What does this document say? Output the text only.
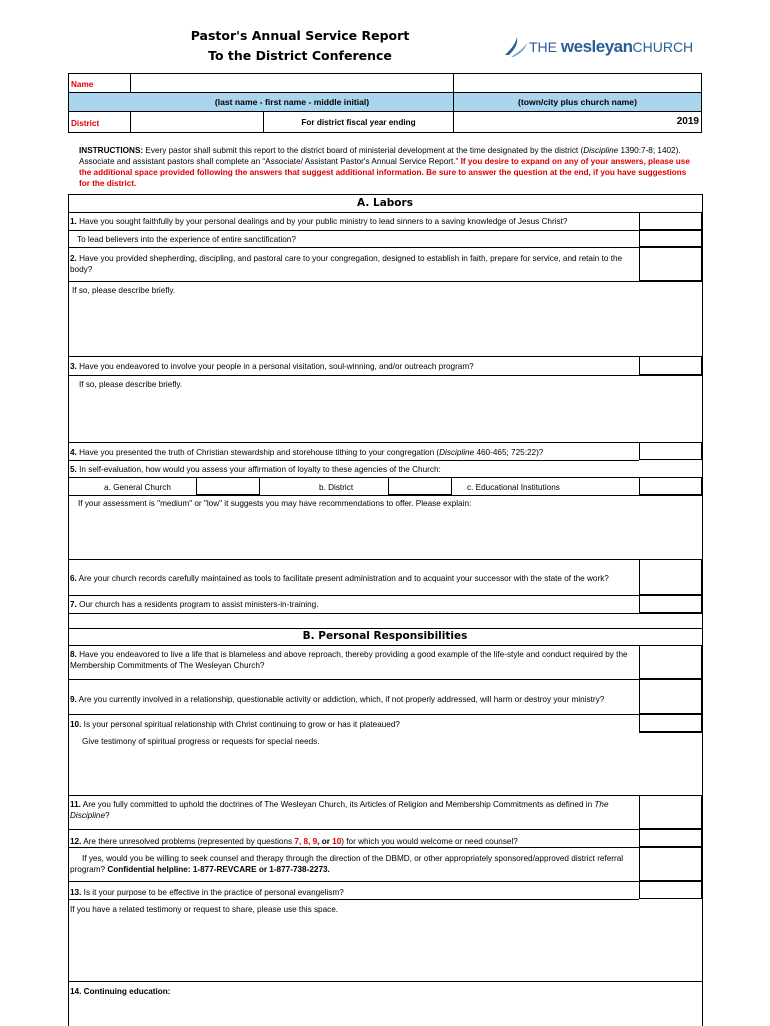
Pastor's Annual Service Report
To the District Conference
THE wesleyanCHURCH
Name
(last name - first name - middle initial)	(town/city plus church name)
District	For district fiscal year ending	2019
INSTRUCTIONS: Every pastor shall submit this report to the district board of ministerial development at the time designated by the district (Discipline 1390:7-8; 1402). Associate and assistant pastors shall complete an “Associate/ Assistant Pastor's Annual Service Report.” If you desire to expand on any of your answers, please use the additional space provided following the answers that suggest additional information. Be sure to answer the question at the end, if you have suggestions for the district.
A. Labors
1. Have you sought faithfully by your personal dealings and by your public ministry to lead sinners to a saving knowledge of Jesus Christ?
To lead believers into the experience of entire sanctification?
2. Have you provided shepherding, discipling, and pastoral care to your congregation, designed to establish in faith, prepare for service, and retain to the body?
If so, please describe briefly.
3. Have you endeavored to involve your people in a personal visitation, soul-winning, and/or outreach program?
If so, please describe briefly.
4. Have you presented the truth of Christian stewardship and storehouse tithing to your congregation (Discipline 460-465; 725:22)?
5. In self-evaluation, how would you assess your affirmation of loyalty to these agencies of the Church:
a. General Church	b. District	c. Educational Institutions
If your assessment is "medium" or "low" it suggests you may have recommendations to offer. Please explain:
6. Are your church records carefully maintained as tools to facilitate present administration and to acquaint your successor with the state of the work?
7. Our church has a residents program to assist ministers-in-training.
B. Personal Responsibilities
8. Have you endeavored to live a life that is blameless and above reproach, thereby providing a good example of the life-style and conduct required by the Membership Commitments of The Wesleyan Church?
9. Are you currently involved in a relationship, questionable activity or addiction, which, if not properly addressed, will harm or destroy your ministry?
10. Is your personal spiritual relationship with Christ continuing to grow or has it plateaued?
Give testimony of spiritual progress or requests for special needs.
11. Are you fully committed to uphold the doctrines of The Wesleyan Church, its Articles of Religion and Membership Commitments as defined in The Discipline?
12. Are there unresolved problems (represented by questions 7, 8, 9, or 10) for which you would welcome or need counsel?
If yes, would you be willing to seek counsel and therapy through the direction of the DBMD, or other appropriately sponsored/approved district referral program? Confidential helpline: 1-877-REVCARE or 1-877-738-2273.
13. Is it your purpose to be effective in the practice of personal evangelism?
If you have a related testimony or request to share, please use this space.
14. Continuing education:
